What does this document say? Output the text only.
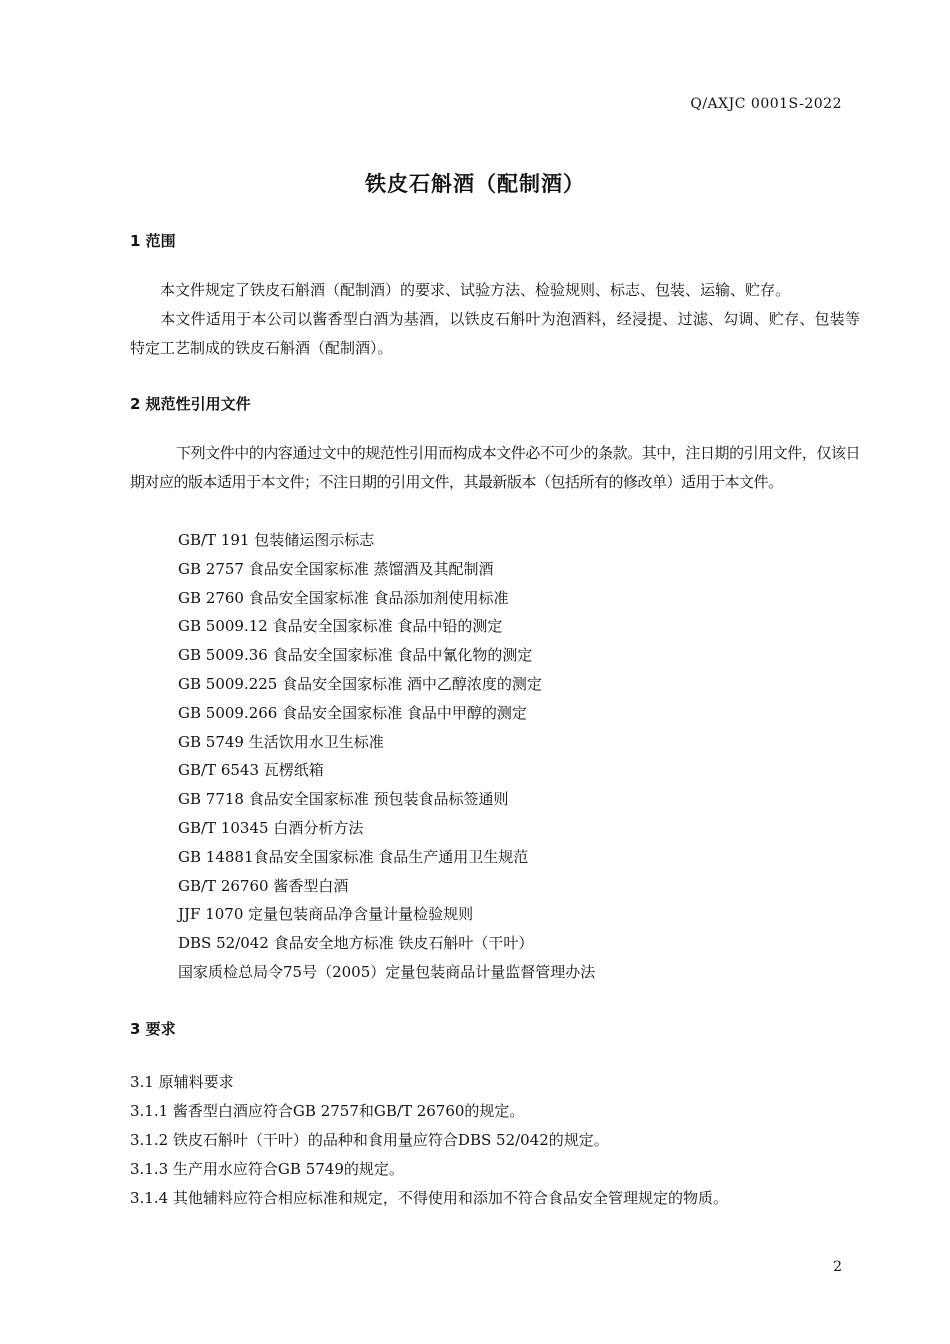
Q/AXJC 0001S-2022
铁皮石斛酒（配制酒）
1 范围
本文件规定了铁皮石斛酒（配制酒）的要求、试验方法、检验规则、标志、包装、运输、贮存。
本文件适用于本公司以酱香型白酒为基酒，以铁皮石斛叶为泡酒料，经浸提、过滤、勾调、贮存、包装等特定工艺制成的铁皮石斛酒（配制酒）。
2 规范性引用文件
下列文件中的内容通过文中的规范性引用而构成本文件必不可少的条款。其中，注日期的引用文件，仅该日期对应的版本适用于本文件；不注日期的引用文件，其最新版本（包括所有的修改单）适用于本文件。
GB/T 191 包装储运图示标志
GB 2757 食品安全国家标准 蒸馏酒及其配制酒
GB 2760 食品安全国家标准 食品添加剂使用标准
GB 5009.12 食品安全国家标准 食品中铅的测定
GB 5009.36 食品安全国家标准 食品中氰化物的测定
GB 5009.225 食品安全国家标准 酒中乙醇浓度的测定
GB 5009.266 食品安全国家标准 食品中甲醇的测定
GB 5749 生活饮用水卫生标准
GB/T 6543 瓦楞纸箱
GB 7718 食品安全国家标准 预包装食品标签通则
GB/T 10345 白酒分析方法
GB 14881食品安全国家标准 食品生产通用卫生规范
GB/T 26760 酱香型白酒
JJF 1070 定量包装商品净含量计量检验规则
DBS 52/042 食品安全地方标准 铁皮石斛叶（干叶）
国家质检总局令75号（2005）定量包装商品计量监督管理办法
3 要求
3.1 原辅料要求
3.1.1 酱香型白酒应符合GB 2757和GB/T 26760的规定。
3.1.2 铁皮石斛叶（干叶）的品种和食用量应符合DBS 52/042的规定。
3.1.3 生产用水应符合GB 5749的规定。
3.1.4 其他辅料应符合相应标准和规定，不得使用和添加不符合食品安全管理规定的物质。
2
